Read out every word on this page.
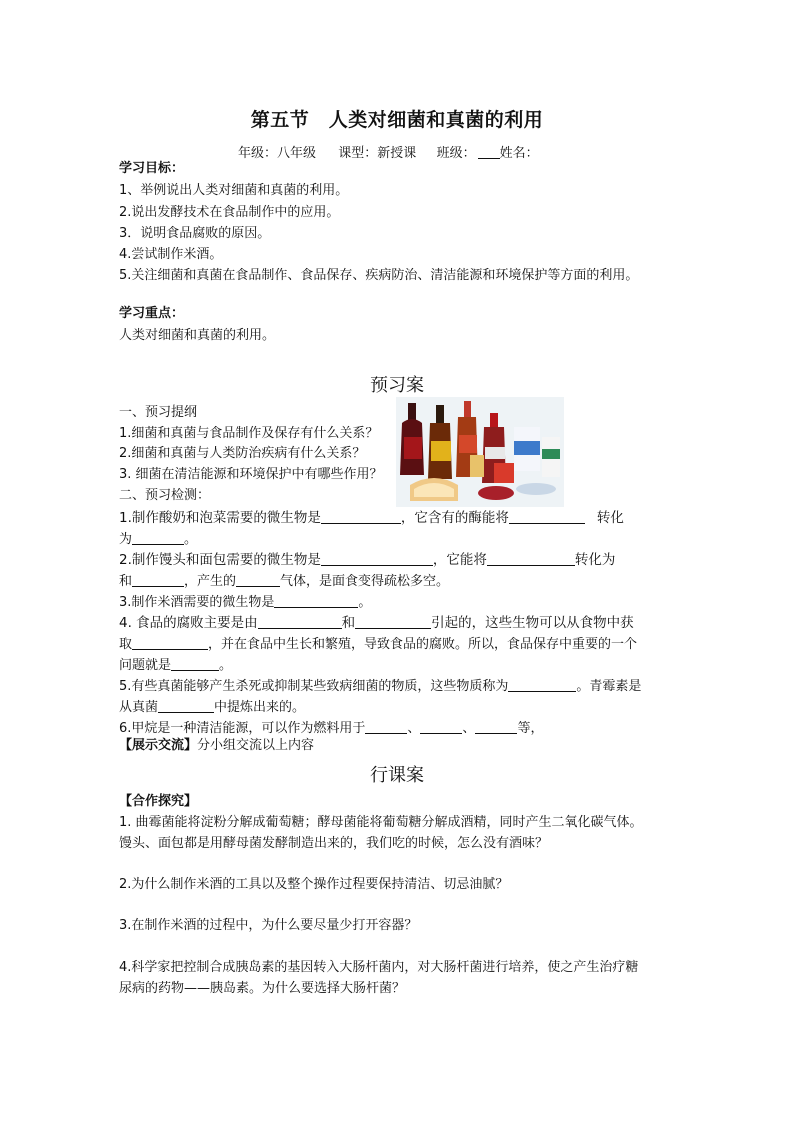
第五节　人类对细菌和真菌的利用
年级：八年级 课型：新授课 班级： 姓名：
学习目标：
1、举例说出人类对细菌和真菌的利用。
2.说出发酵技术在食品制作中的应用。
3．说明食品腐败的原因。
4.尝试制作米酒。
5.关注细菌和真菌在食品制作、食品保存、疾病防治、清洁能源和环境保护等方面的利用。
学习重点：
人类对细菌和真菌的利用。
预习案
一、预习提纲
1.细菌和真菌与食品制作及保存有什么关系？
2.细菌和真菌与人类防治疾病有什么关系？
3. 细菌在清洁能源和环境保护中有哪些作用？
二、预习检测：
1.制作酸奶和泡菜需要的微生物是	，它含有的酶能将	转化
为	。
2.制作馒头和面包需要的微生物是	，它能将	转化为
和	，产生的	气体，是面食变得疏松多空。
3.制作米酒需要的微生物是	。
4. 食品的腐败主要是由	和	引起的，这些生物可以从食物中获
取	，并在食品中生长和繁殖，导致食品的腐败。所以，食品保存中重要的一个
问题就是	。
5.有些真菌能够产生杀死或抑制某些致病细菌的物质，这些物质称为	。青霉素是
从真菌	中提炼出来的。
6.甲烷是一种清洁能源，可以作为燃料用于	、	、	等，
【展示交流】分小组交流以上内容
行课案
【合作探究】
1. 曲霉菌能将淀粉分解成葡萄糖；酵母菌能将葡萄糖分解成酒精，同时产生二氧化碳气体。
馒头、面包都是用酵母菌发酵制造出来的，我们吃的时候，怎么没有酒味？
2.为什么制作米酒的工具以及整个操作过程要保持清洁、切忌油腻？
3.在制作米酒的过程中，为什么要尽量少打开容器？
4.科学家把控制合成胰岛素的基因转入大肠杆菌内，对大肠杆菌进行培养，使之产生治疗糖
尿病的药物——胰岛素。为什么要选择大肠杆菌？
